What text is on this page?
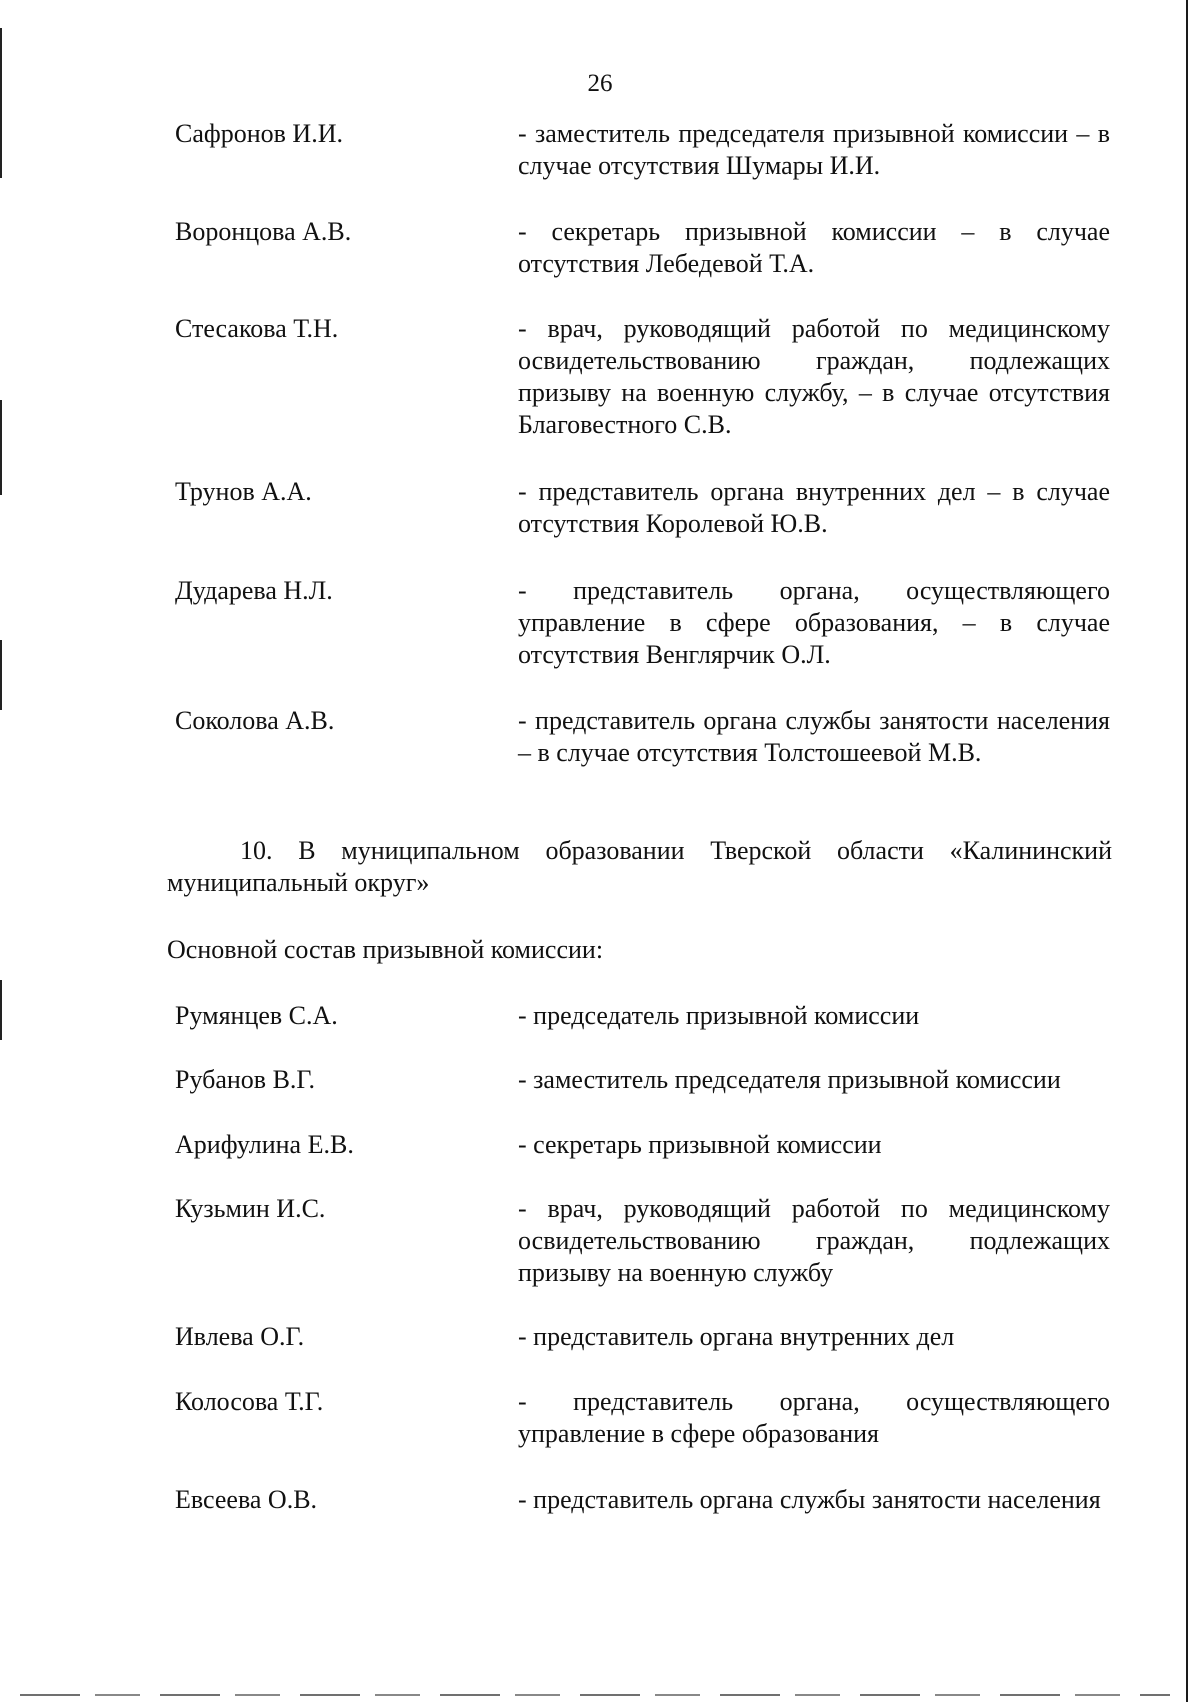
26
Сафронов И.И.	- заместитель председателя призывной комиссии – в случае отсутствия Шумары И.И.
Воронцова А.В.	- секретарь призывной комиссии – в случае отсутствия Лебедевой Т.А.
Стесакова Т.Н.	- врач, руководящий работой по медицинскому освидетельствованию граждан, подлежащих призыву на военную службу, – в случае отсутствия Благовестного С.В.
Трунов А.А.	- представитель органа внутренних дел – в случае отсутствия Королевой Ю.В.
Дударева Н.Л.	- представитель органа, осуществляющего управление в сфере образования, – в случае отсутствия Венглярчик О.Л.
Соколова А.В.	- представитель органа службы занятости населения – в случае отсутствия Толстошеевой М.В.
10. В муниципальном образовании Тверской области «Калининский муниципальный округ»
Основной состав призывной комиссии:
Румянцев С.А.	- председатель призывной комиссии
Рубанов В.Г.	- заместитель председателя призывной комиссии
Арифулина Е.В.	- секретарь призывной комиссии
Кузьмин И.С.	- врач, руководящий работой по медицинскому освидетельствованию граждан, подлежащих призыву на военную службу
Ивлева О.Г.	- представитель органа внутренних дел
Колосова Т.Г.	- представитель органа, осуществляющего управление в сфере образования
Евсеева О.В.	- представитель органа службы занятости населения
